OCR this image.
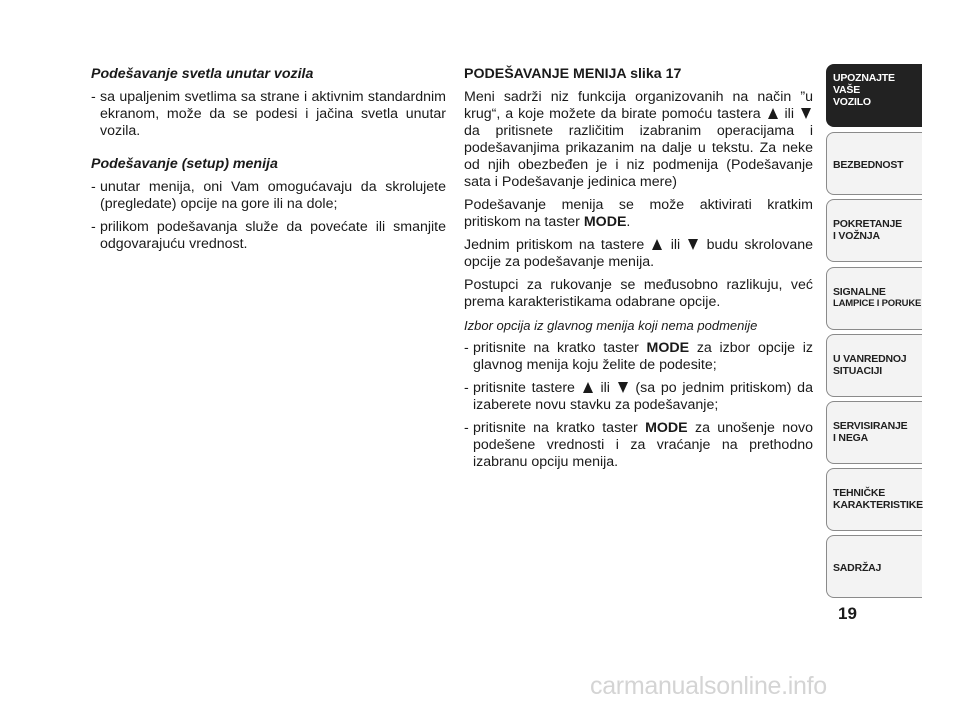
Podešavanje svetla unutar vozila

- sa upaljenim svetlima sa strane i aktivnim standardnim ekranom, može da se podesi i jačina svetla unutar vozila.

Podešavanje (setup) menija

- unutar menija, oni Vam omogućavaju da skrolujete (pregledate) opcije na gore ili na dole;
- prilikom podešavanja služe da povećate ili smanjite odgovarajuću vrednost.

PODEŠAVANJE MENIJA slika 17

Meni sadrži niz funkcija organizovanih na način ”u krug“, a koje možete da birate pomoću tastera ili  da pritisnete različitim izabranim operacijama i podešavanjima prikazanim na dalje u tekstu. Za neke od njih obezbeđen je i niz podmenija (Podešavanje sata i Podešavanje jedinica mere)

Podešavanje menija se može aktivirati kratkim pritiskom na taster MODE.

Jednim pritiskom na tastere ili budu skrolovane opcije za podešavanje menija.

Postupci za rukovanje se međusobno razlikuju, već prema karakteristikama odabrane opcije.

Izbor opcija iz glavnog menija koji nema podmenije

- pritisnite na kratko taster MODE za izbor opcije iz glavnog menija koju želite de podesite;
- pritisnite tastere ili (sa po jednim pritiskom) da izaberete novu stavku za podešavanje;
- pritisnite na kratko taster MODE za unošenje novo podešene vrednosti i za vraćanje na prethodno izabranu opciju menija.
UPOZNAJTE
VAŠE
VOZILO
BEZBEDNOST
POKRETANJE
I VOŽNJA
SIGNALNE
LAMPICE I PORUKE
U VANREDNOJ
SITUACIJI
SERVISIRANJE
I NEGA
TEHNIČKE
KARAKTERISTIKE
SADRŽAJ
19
carmanualsonline.info
